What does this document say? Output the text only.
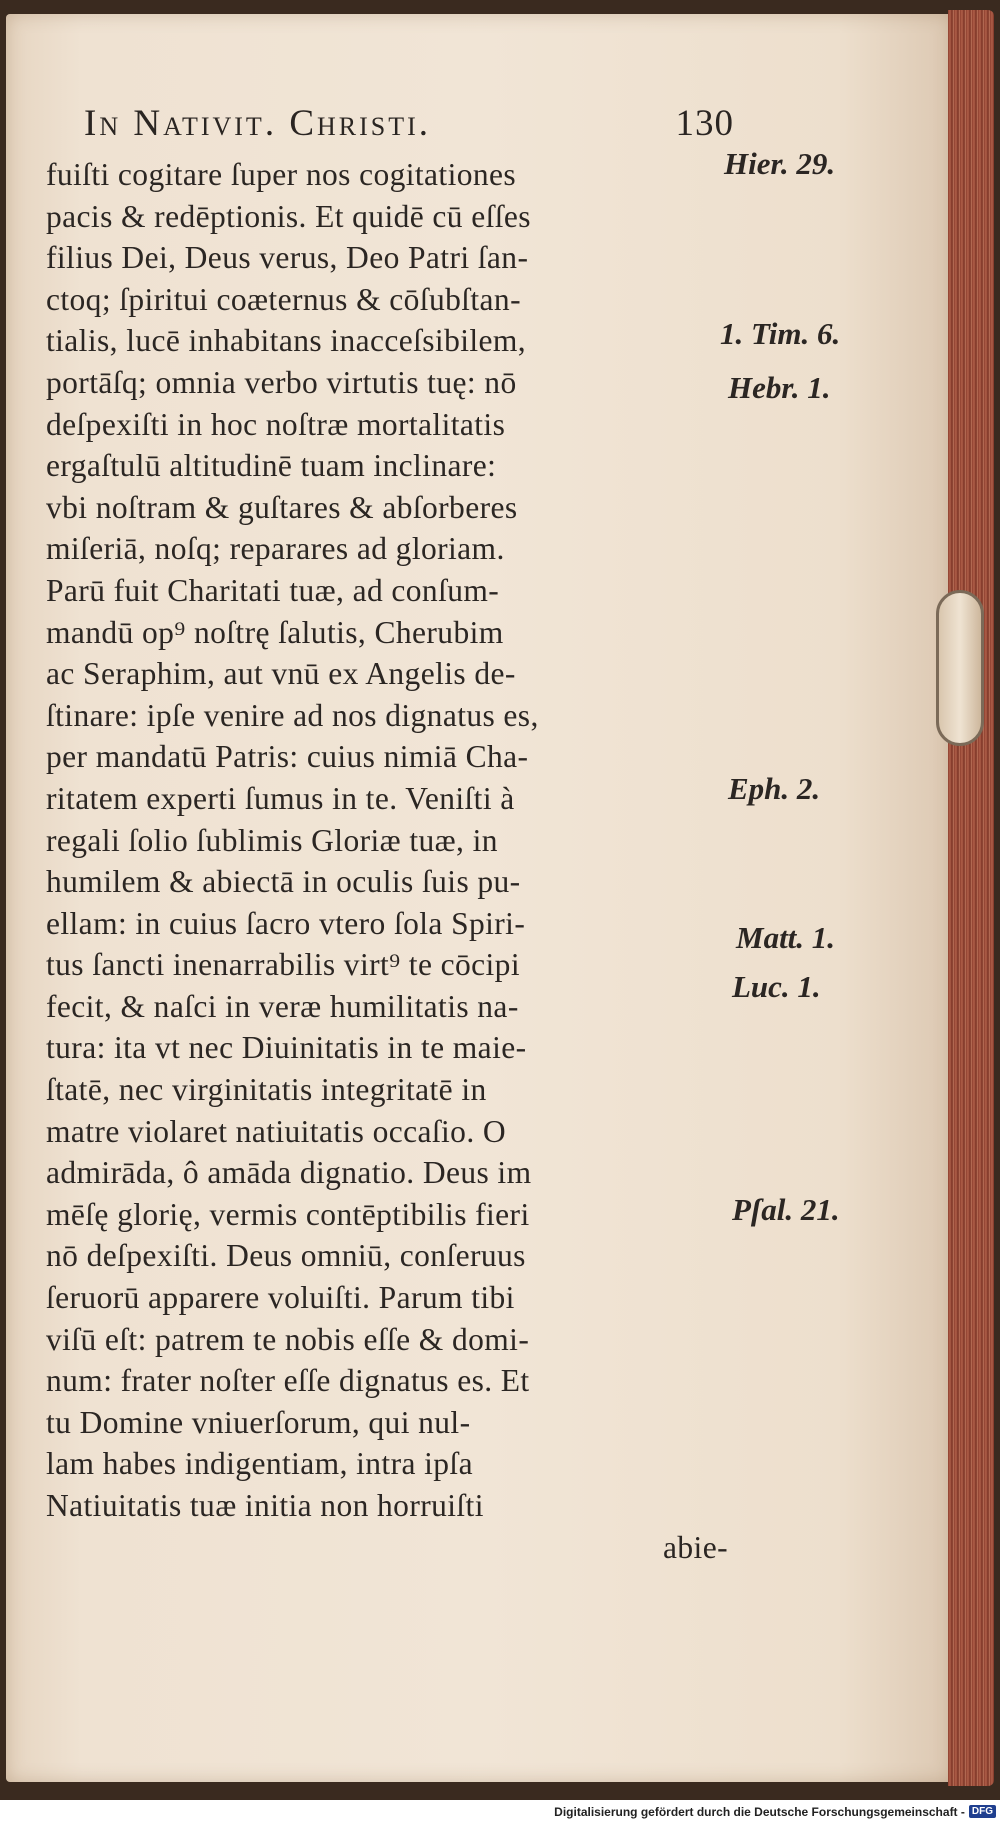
In Nativit. Christi.	130
fuiſti cogitare ſuper nos cogitationes
pacis & redēptionis. Et quidē cū eſſes
filius Dei, Deus verus, Deo Patri ſan-
ctoq; ſpiritui coæternus & cōſubſtan-
tialis, lucē inhabitans inacceſsibilem,
portāſq; omnia verbo virtutis tuę: nō
deſpexiſti in hoc noſtræ mortalitatis
ergaſtulū altitudinē tuam inclinare:
vbi noſtram & guſtares & abſorberes
miſeriā, noſq; reparares ad gloriam.
Parū fuit Charitati tuæ, ad conſum-
mandū op⁹ noſtrę ſalutis, Cherubim
ac Seraphim, aut vnū ex Angelis de-
ſtinare: ipſe venire ad nos dignatus es,
per mandatū Patris: cuius nimiā Cha-
ritatem experti ſumus in te. Veniſti à
regali ſolio ſublimis Gloriæ tuæ, in
humilem & abiectā in oculis ſuis pu-
ellam: in cuius ſacro vtero ſola Spiri-
tus ſancti inenarrabilis virt⁹ te cōcipi
fecit, & naſci in veræ humilitatis na-
tura: ita vt nec Diuinitatis in te maie-
ſtatē, nec virginitatis integritatē in
matre violaret natiuitatis occaſio. O
admirāda, ô amāda dignatio. Deus im
mēſę glorię, vermis contēptibilis fieri
nō deſpexiſti. Deus omniū, conſeruus
ſeruorū apparere voluiſti. Parum tibi
viſū eſt: patrem te nobis eſſe & domi-
num: frater noſter eſſe dignatus es. Et
tu Domine vniuerſorum, qui nul-
lam habes indigentiam, intra ipſa
Natiuitatis tuæ initia non horruiſti
abie-
Hier. 29.
1. Tim. 6.
Hebr. 1.
Eph. 2.
Matt. 1.
Luc. 1.
Pſal. 21.
Digitalisierung gefördert durch die Deutsche Forschungsgemeinschaft - DFG
